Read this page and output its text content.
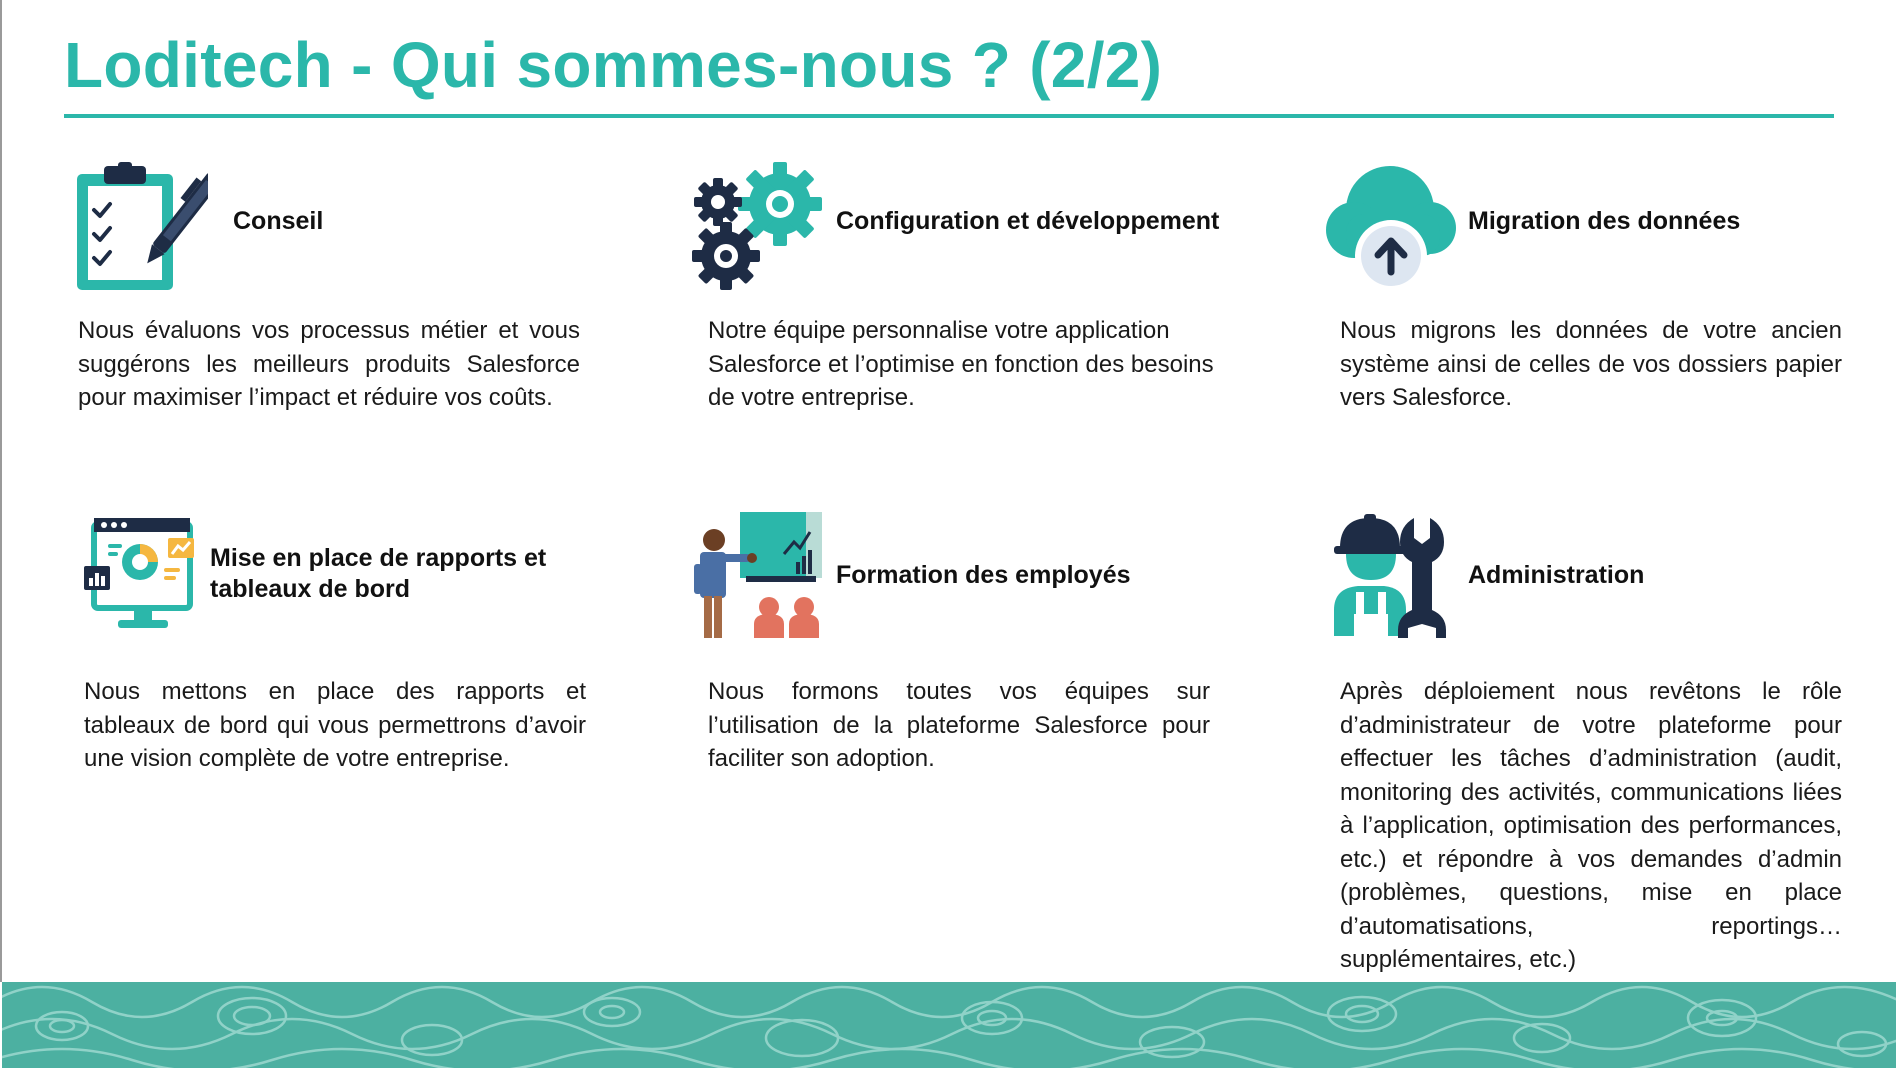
Loditech - Qui sommes-nous ? (2/2)
Conseil

Nous évaluons vos processus métier et vous suggérons les meilleurs produits Salesforce pour maximiser l’impact et réduire vos coûts.

Configuration et développement

Notre équipe personnalise votre application Salesforce et l’optimise en fonction des besoins de votre entreprise.

Migration des données

Nous migrons les données de votre ancien système ainsi de celles de vos dossiers papier vers Salesforce.

Mise en place de rapports et tableaux de bord

Nous mettons en place des rapports et tableaux de bord qui vous permettrons d’avoir une vision complète de votre entreprise.

Formation des employés

Nous formons toutes vos équipes sur l’utilisation de la plateforme Salesforce pour faciliter son adoption.

Administration

Après déploiement nous revêtons le rôle d’administrateur de votre plateforme pour effectuer les tâches d’administration (audit, monitoring des activités, communications liées à l’application, optimisation des performances, etc.) et répondre à vos demandes d’admin (problèmes, questions, mise en place d’automatisations, reportings… supplémentaires, etc.)
